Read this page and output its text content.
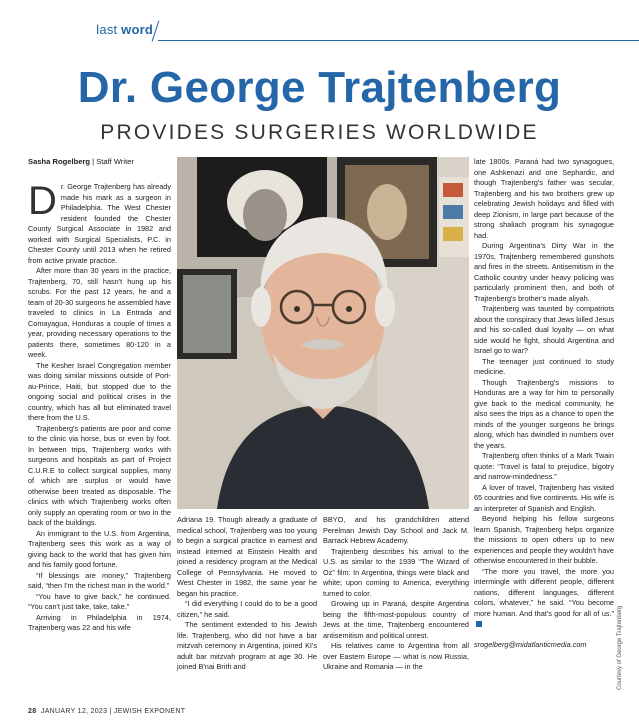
last word
Dr. George Trajtenberg
PROVIDES SURGERIES WORLDWIDE
Sasha Rogelberg | Staff Writer

Dr. George Trajtenberg has already made his mark as a surgeon in Philadelphia. The West Chester resident founded the Chester County Surgical Associate in 1982 and worked with Surgical Specialists, P.C. in Chester County until 2013 when he retired from active private practice.

After more than 30 years in the practice, Trajtenberg, 70, still hasn't hung up his scrubs. For the past 12 years, he and a team of 20-30 surgeons he assembled have traveled to clinics in La Entrada and Comayagua, Honduras a couple of times a year, providing necessary operations to the patients there, sometimes 80-120 in a week.

The Kesher Israel Congregation member was doing similar missions outside of Port-au-Prince, Haiti, but stopped due to the ongoing social and political crises in the country, which has all but eliminated travel there from the U.S.

Trajtenberg's patients are poor and come to the clinic via horse, bus or even by foot. In between trips, Trajtenberg works with surgeons and hospitals as part of Project C.U.R.E to collect surgical supplies, many of which are surplus or would have otherwise been treated as disposable. The clinics with which Trajtenberg works often only supply an operating room or two in the back of the buildings.

An immigrant to the U.S. from Argentina, Trajtenberg sees this work as a way of giving back to the world that has given him and his family good fortune.

“If blessings are money,” Trajtenberg said, “then I'm the richest man in the world.”

“You have to give back,” he continued. “You can't just take, take, take.”

Arriving in Philadelphia in 1974, Trajtenberg was 22 and his wife

Adriana 19. Though already a graduate of medical school, Trajtenberg was too young to begin a surgical practice in earnest and instead interned at Einstein Health and joined a residency program at the Medical College of Pennsylvania. He moved to West Chester in 1982, the same year he began his practice.

“I did everything I could do to be a good citizen,” he said.

The sentiment extended to his Jewish life. Trajtenberg, who did not have a bar mitzvah ceremony in Argentina, joined KI's adult bar mitzvah program at age 30. He joined B'nai Brith and

BBYO, and his grandchildren attend Perelman Jewish Day School and Jack M. Barrack Hebrew Academy.

Trajtenberg describes his arrival to the U.S. as similar to the 1939 “The Wizard of Oz” film: In Argentina, things were black and white; upon coming to America, everything turned to color.

Growing up in Paraná, despite Argentina being the fifth-most-populous country of Jews at the time, Trajtenberg encountered antisemitism and political unrest.

His relatives came to Argentina from all over Eastern Europe — what is now Russia, Ukraine and Romania — in the

late 1800s. Paraná had two synagogues, one Ashkenazi and one Sephardic, and though Trajtenberg's father was secular, Trajtenberg and his two brothers grew up celebrating Jewish holidays and filled with deep Zionism, in large part because of the strong shaliach program his synagogue had.

During Argentina's Dirty War in the 1970s, Trajtenberg remembered gunshots and fires in the streets. Antisemitism in the Catholic country under heavy policing was particularly prominent then, and both of Trajtenberg's brother's made aliyah.

Trajtenberg was taunted by compatriots about the conspiracy that Jews killed Jesus and his so-called dual loyalty — on what side would he fight, should Argentina and Israel go to war?

The teenager just continued to study medicine.

Though Trajtenberg's missions to Honduras are a way for him to personally give back to the medical community, he also sees the trips as a chance to open the minds of the younger surgeons he brings along, which has dwindled in numbers over the years.

Trajtenberg often thinks of a Mark Twain quote: “Travel is fatal to prejudice, bigotry and narrow-mindedness.”

A lover of travel, Trajtenberg has visited 65 countries and five continents. His wife is an interpreter of Spanish and English.

Beyond helping his fellow surgeons learn Spanish, Trajtenberg helps organize the missions to open others up to new experiences and people they wouldn't have otherwise encountered in their bubble.

“The more you travel, the more you intermingle with different people, different nations, different languages, different colors, whatever,” he said. “You become more human. And that's good for all of us.”

srogelberg@midatlanticmedia.com	Courtesy of George Trajtenberg
28 JANUARY 12, 2023 | JEWISH EXPONENT
